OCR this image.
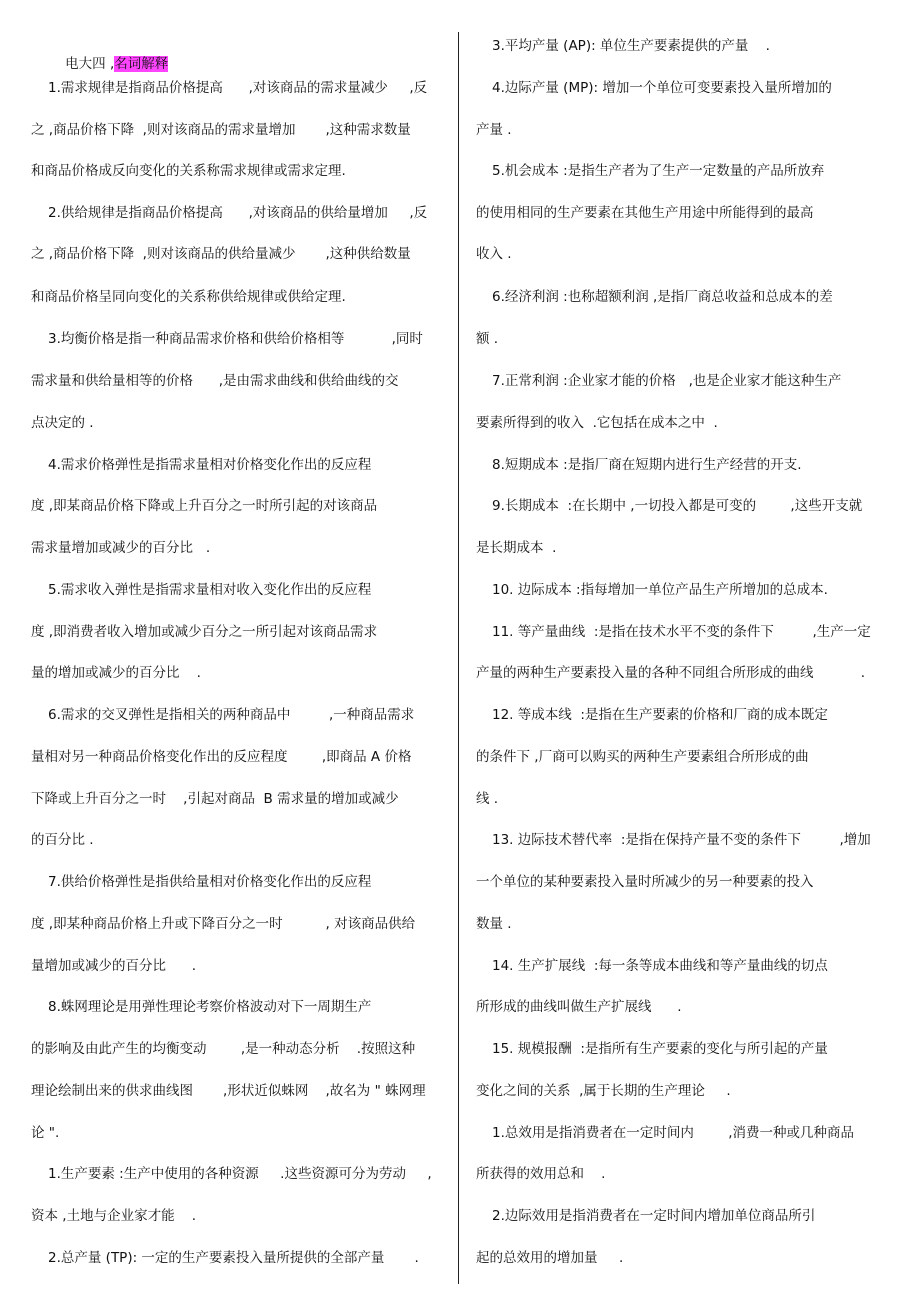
电大四 ,名词解释

1.需求规律是指商品价格提高      ,对该商品的需求量减少     ,反
之 ,商品价格下降  ,则对该商品的需求量增加       ,这种需求数量
和商品价格成反向变化的关系称需求规律或需求定理.
2.供给规律是指商品价格提高      ,对该商品的供给量增加     ,反
之 ,商品价格下降  ,则对该商品的供给量减少       ,这种供给数量
和商品价格呈同向变化的关系称供给规律或供给定理.
3.均衡价格是指一种商品需求价格和供给价格相等           ,同时
需求量和供给量相等的价格      ,是由需求曲线和供给曲线的交
点决定的 .
4.需求价格弹性是指需求量相对价格变化作出的反应程
度 ,即某商品价格下降或上升百分之一时所引起的对该商品
需求量增加或减少的百分比   .
5.需求收入弹性是指需求量相对收入变化作出的反应程
度 ,即消费者收入增加或减少百分之一所引起对该商品需求
量的增加或减少的百分比    .
6.需求的交叉弹性是指相关的两种商品中         ,一种商品需求
量相对另一种商品价格变化作出的反应程度        ,即商品 A 价格
下降或上升百分之一时    ,引起对商品  B 需求量的增加或减少
的百分比 .
7.供给价格弹性是指供给量相对价格变化作出的反应程
度 ,即某种商品价格上升或下降百分之一时          , 对该商品供给
量增加或减少的百分比      .
8.蛛网理论是用弹性理论考察价格波动对下一周期生产
的影响及由此产生的均衡变动        ,是一种动态分析    .按照这种
理论绘制出来的供求曲线图       ,形状近似蛛网    ,故名为 " 蛛网理
论 ".
1.生产要素 :生产中使用的各种资源     .这些资源可分为劳动     ,
资本 ,土地与企业家才能    .
2.总产量 (TP): 一定的生产要素投入量所提供的全部产量       .
3.平均产量 (AP): 单位生产要素提供的产量    .
4.边际产量 (MP): 增加一个单位可变要素投入量所增加的
产量 .
5.机会成本 :是指生产者为了生产一定数量的产品所放弃
的使用相同的生产要素在其他生产用途中所能得到的最高
收入 .
6.经济利润 :也称超额利润 ,是指厂商总收益和总成本的差
额 .
7.正常利润 :企业家才能的价格   ,也是企业家才能这种生产
要素所得到的收入  .它包括在成本之中  .
8.短期成本 :是指厂商在短期内进行生产经营的开支.
9.长期成本  :在长期中 ,一切投入都是可变的        ,这些开支就
是长期成本  .
10. 边际成本 :指每增加一单位产品生产所增加的总成本.
11. 等产量曲线  :是指在技术水平不变的条件下         ,生产一定
产量的两种生产要素投入量的各种不同组合所形成的曲线           .
12. 等成本线  :是指在生产要素的价格和厂商的成本既定
的条件下 ,厂商可以购买的两种生产要素组合所形成的曲
线 .
13. 边际技术替代率  :是指在保持产量不变的条件下         ,增加
一个单位的某种要素投入量时所减少的另一种要素的投入
数量 .
14. 生产扩展线  :每一条等成本曲线和等产量曲线的切点
所形成的曲线叫做生产扩展线      .
15. 规模报酬  :是指所有生产要素的变化与所引起的产量
变化之间的关系  ,属于长期的生产理论     .
1.总效用是指消费者在一定时间内        ,消费一种或几种商品
所获得的效用总和    .
2.边际效用是指消费者在一定时间内增加单位商品所引
起的总效用的增加量     .
